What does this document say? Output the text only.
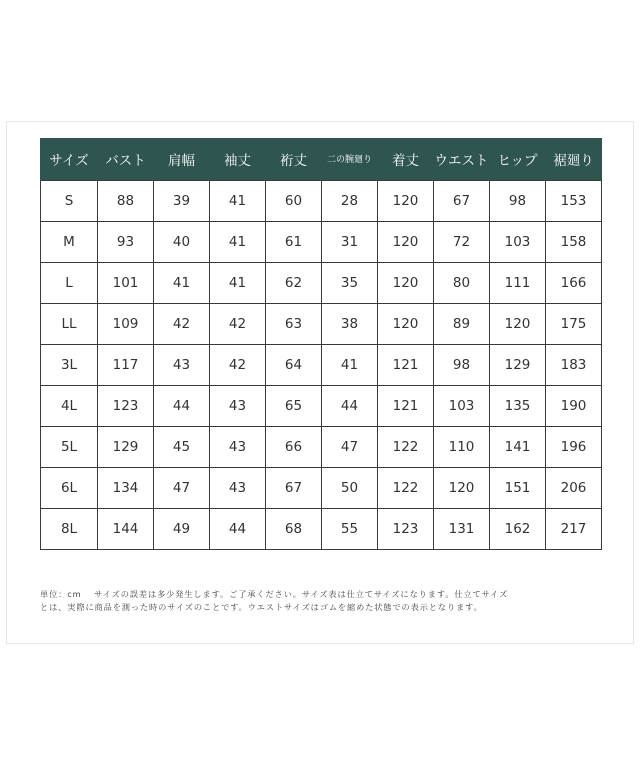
サイズ	バスト	肩幅	袖丈	裄丈	二の腕廻り	着丈	ウエスト	ヒップ	裾廻り
S	88	39	41	60	28	120	67	98	153
M	93	40	41	61	31	120	72	103	158
L	101	41	41	62	35	120	80	111	166
LL	109	42	42	63	38	120	89	120	175
3L	117	43	42	64	41	121	98	129	183
4L	123	44	43	65	44	121	103	135	190
5L	129	45	43	66	47	122	110	141	196
6L	134	47	43	67	50	122	120	151	206
8L	144	49	44	68	55	123	131	162	217
単位：cm　 サイズの誤差は多少発生します。ご了承ください。サイズ表は仕立てサイズになります。仕立てサイズ
とは、実際に商品を測った時のサイズのことです。ウエストサイズはゴムを縮めた状態での表示となります。
